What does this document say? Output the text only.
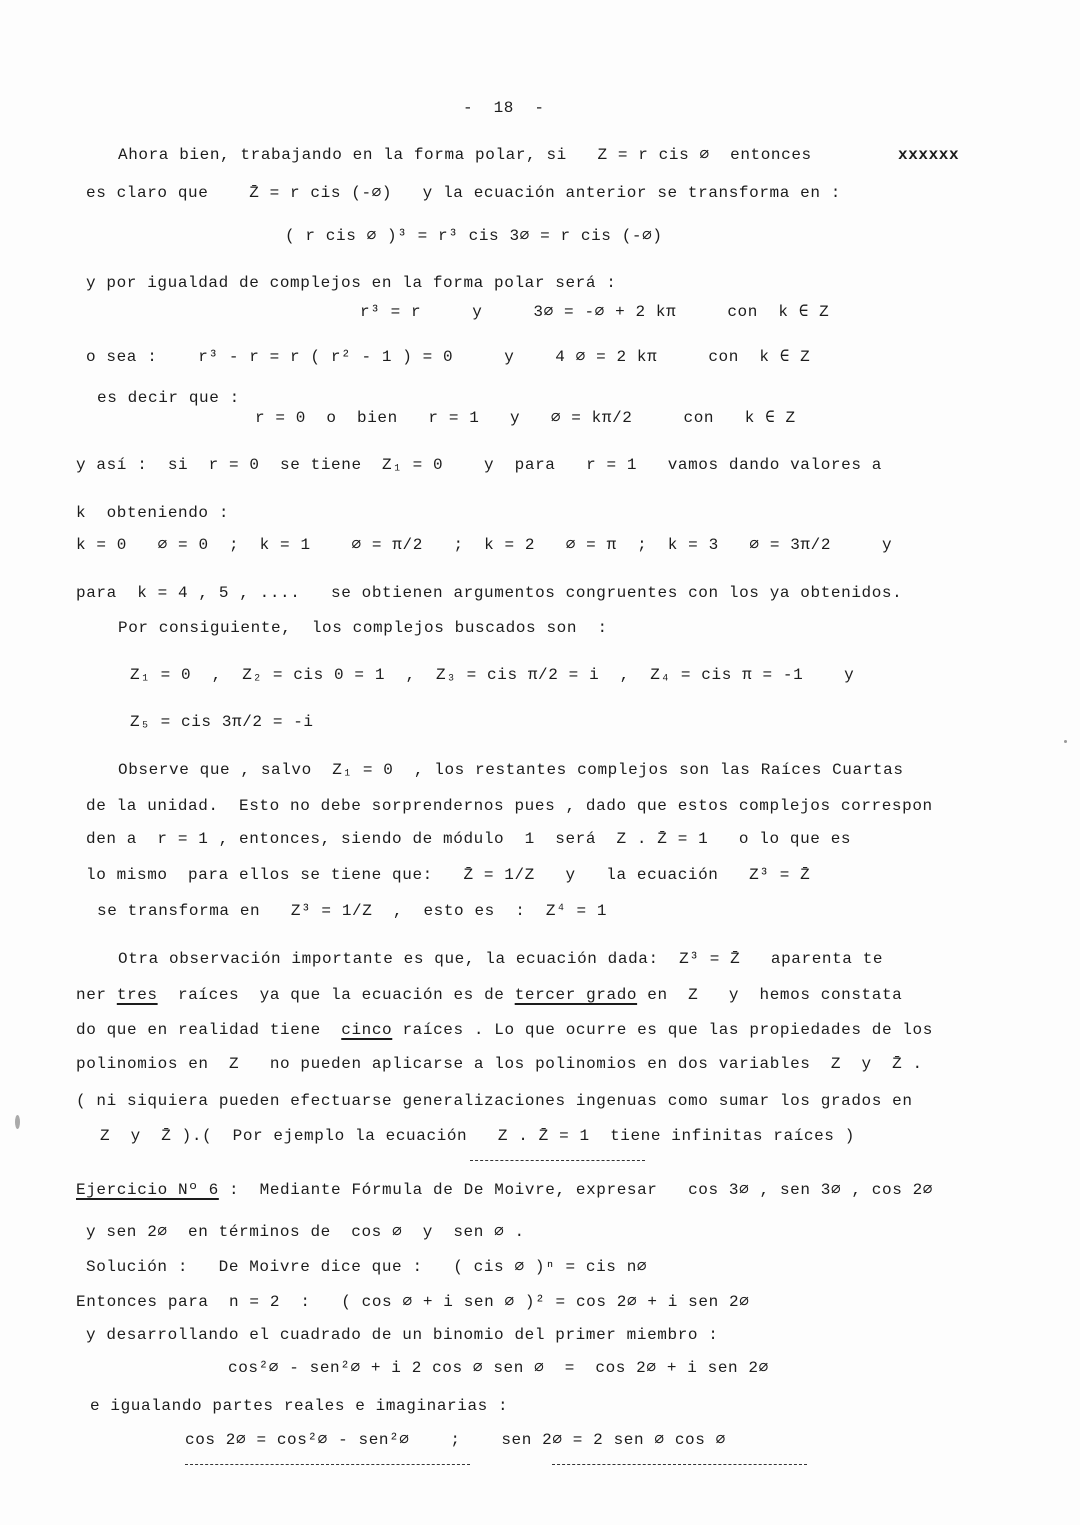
-  18  -
Ahora bien, trabajando en la forma polar, si   Z = r cis ∅  entonces	xxxxxx
es claro que    Z̄ = r cis (-∅)   y la ecuación anterior se transforma en :
( r cis ∅ )³ = r³ cis 3∅ = r cis (-∅)
y por igualdad de complejos en la forma polar será :
r³ = r     y     3∅ = -∅ + 2 kπ     con  k ∈ Z
o sea :    r³ - r = r ( r² - 1 ) = 0     y    4 ∅ = 2 kπ     con  k ∈ Z
es decir que :
r = 0  o  bien   r = 1   y   ∅ = kπ/2     con   k ∈ Z
y así :  si  r = 0  se tiene  Z₁ = 0    y  para   r = 1   vamos dando valores a
k  obteniendo :
k = 0   ∅ = 0  ;  k = 1    ∅ = π/2   ;  k = 2   ∅ = π  ;  k = 3   ∅ = 3π/2     y
para  k = 4 , 5 , ....   se obtienen argumentos congruentes con los ya obtenidos.
Por consiguiente,  los complejos buscados son  :
Z₁ = 0  ,  Z₂ = cis 0 = 1  ,  Z₃ = cis π/2 = i  ,  Z₄ = cis π = -1    y
Z₅ = cis 3π/2 = -i
Observe que , salvo  Z₁ = 0  , los restantes complejos son las Raíces Cuartas
de la unidad.  Esto no debe sorprendernos pues , dado que estos complejos correspon
den a  r = 1 , entonces, siendo de módulo  1  será  Z . Z̄ = 1   o lo que es
lo mismo  para ellos se tiene que:   Z̄ = 1/Z   y   la ecuación   Z³ = Z̄
se transforma en   Z³ = 1/Z  ,  esto es  :  Z⁴ = 1
Otra observación importante es que, la ecuación dada:  Z³ = Z̄   aparenta te
ner tres  raíces  ya que la ecuación es de tercer grado en  Z   y  hemos constata
do que en realidad tiene  cinco raíces . Lo que ocurre es que las propiedades de los
polinomios en  Z   no pueden aplicarse a los polinomios en dos variables  Z  y  Z̄ .
( ni siquiera pueden efectuarse generalizaciones ingenuas como sumar los grados en
Z  y  Z̄ ).(  Por ejemplo la ecuación   Z . Z̄ = 1  tiene infinitas raíces )
Ejercicio Nº 6 :  Mediante Fórmula de De Moivre, expresar   cos 3∅ , sen 3∅ , cos 2∅
y sen 2∅  en términos de  cos ∅  y  sen ∅ .
Solución :   De Moivre dice que :   ( cis ∅ )ⁿ = cis n∅
Entonces para  n = 2  :   ( cos ∅ + i sen ∅ )² = cos 2∅ + i sen 2∅
y desarrollando el cuadrado de un binomio del primer miembro :
cos²∅ - sen²∅ + i 2 cos ∅ sen ∅  =  cos 2∅ + i sen 2∅
e igualando partes reales e imaginarias :
cos 2∅ = cos²∅ - sen²∅    ;    sen 2∅ = 2 sen ∅ cos ∅
